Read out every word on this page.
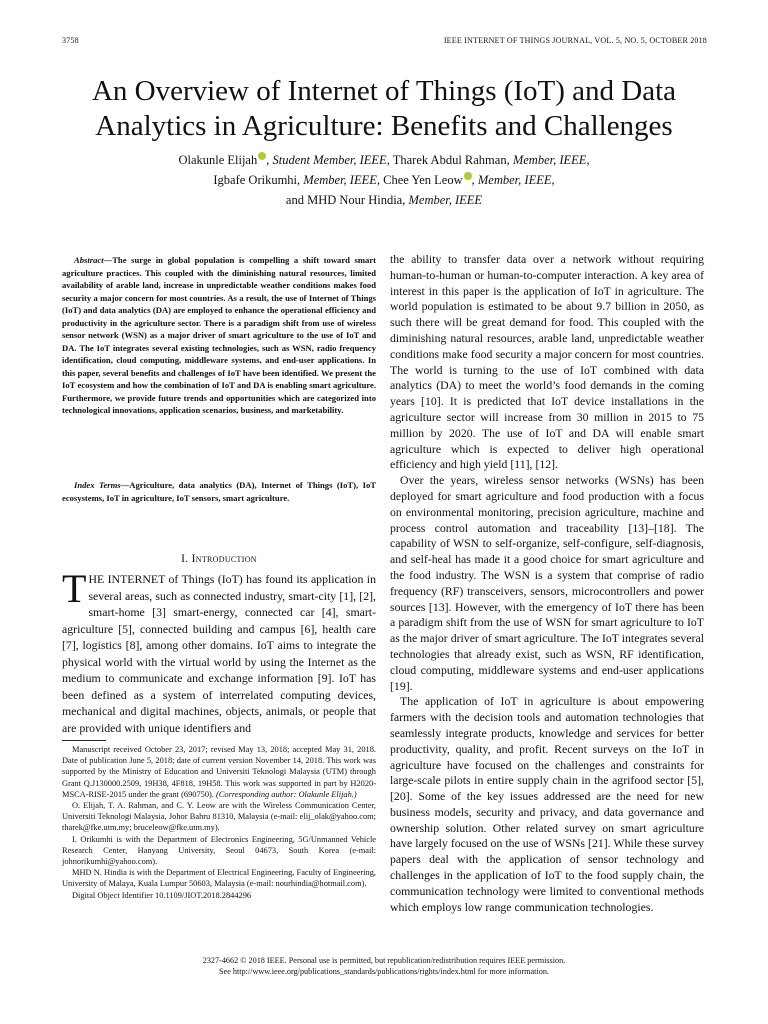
3758	IEEE INTERNET OF THINGS JOURNAL, VOL. 5, NO. 5, OCTOBER 2018
An Overview of Internet of Things (IoT) and Data
Analytics in Agriculture: Benefits and Challenges
Olakunle Elijah , Student Member, IEEE, Tharek Abdul Rahman, Member, IEEE,
Igbafe Orikumhi, Member, IEEE, Chee Yen Leow , Member, IEEE,
and MHD Nour Hindia, Member, IEEE
Abstract—The surge in global population is compelling a shift toward smart agriculture practices. This coupled with the diminishing natural resources, limited availability of arable land, increase in unpredictable weather conditions makes food security a major concern for most countries. As a result, the use of Internet of Things (IoT) and data analytics (DA) are employed to enhance the operational efficiency and productivity in the agriculture sector. There is a paradigm shift from use of wireless sensor network (WSN) as a major driver of smart agriculture to the use of IoT and DA. The IoT integrates several existing technologies, such as WSN, radio frequency identification, cloud computing, middleware systems, and end-user applications. In this paper, several benefits and challenges of IoT have been identified. We present the IoT ecosystem and how the combination of IoT and DA is enabling smart agriculture. Furthermore, we provide future trends and opportunities which are categorized into technological innovations, application scenarios, business, and marketability.
Index Terms—Agriculture, data analytics (DA), Internet of Things (IoT), IoT ecosystems, IoT in agriculture, IoT sensors, smart agriculture.
I. Introduction
THE INTERNET of Things (IoT) has found its application in several areas, such as connected industry, smart-city [1], [2], smart-home [3] smart-energy, connected car [4], smart-agriculture [5], connected building and campus [6], health care [7], logistics [8], among other domains. IoT aims to integrate the physical world with the virtual world by using the Internet as the medium to communicate and exchange information [9]. IoT has been defined as a system of interrelated computing devices, mechanical and digital machines, objects, animals, or people that are provided with unique identifiers and

Manuscript received October 23, 2017; revised May 13, 2018; accepted May 31, 2018. Date of publication June 5, 2018; date of current version November 14, 2018. This work was supported by the Ministry of Education and Universiti Teknologi Malaysia (UTM) through Grant Q.J130000.2509, 19H38, 4F818, 19H58. This work was supported in part by H2020-MSCA-RISE-2015 under the grant (690750). (Corresponding author: Olakunle Elijah.)

O. Elijah, T. A. Rahman, and C. Y. Leow are with the Wireless Communication Center, Universiti Teknologi Malaysia, Johor Bahru 81310, Malaysia (e-mail: elij_olak@yahoo.com; tharek@fke.utm.my; bruceleow@fke.utm.my).

I. Orikumhi is with the Department of Electronics Engineering, 5G/Unmanned Vehicle Research Center, Hanyang University, Seoul 04673, South Korea (e-mail: johnorikumhi@yahoo.com).

MHD N. Hindia is with the Department of Electrical Engineering, Faculty of Engineering, University of Malaya, Kuala Lumpur 50603, Malaysia (e-mail: nourhindia@hotmail.com).

Digital Object Identifier 10.1109/JIOT.2018.2844296

the ability to transfer data over a network without requiring human-to-human or human-to-computer interaction. A key area of interest in this paper is the application of IoT in agriculture. The world population is estimated to be about 9.7 billion in 2050, as such there will be great demand for food. This coupled with the diminishing natural resources, arable land, unpredictable weather conditions make food security a major concern for most countries. The world is turning to the use of IoT combined with data analytics (DA) to meet the world’s food demands in the coming years [10]. It is predicted that IoT device installations in the agriculture sector will increase from 30 million in 2015 to 75 million by 2020. The use of IoT and DA will enable smart agriculture which is expected to deliver high operational efficiency and high yield [11], [12].

Over the years, wireless sensor networks (WSNs) has been deployed for smart agriculture and food production with a focus on environmental monitoring, precision agriculture, machine and process control automation and traceability [13]–[18]. The capability of WSN to self-organize, self-configure, self-diagnosis, and self-heal has made it a good choice for smart agriculture and the food industry. The WSN is a system that comprise of radio frequency (RF) transceivers, sensors, microcontrollers and power sources [13]. However, with the emergency of IoT there has been a paradigm shift from the use of WSN for smart agriculture to IoT as the major driver of smart agriculture. The IoT integrates several technologies that already exist, such as WSN, RF identification, cloud computing, middleware systems and end-user applications [19].

The application of IoT in agriculture is about empowering farmers with the decision tools and automation technologies that seamlessly integrate products, knowledge and services for better productivity, quality, and profit. Recent surveys on the IoT in agriculture have focused on the challenges and constraints for large-scale pilots in entire supply chain in the agrifood sector [5], [20]. Some of the key issues addressed are the need for new business models, security and privacy, and data governance and ownership solution. Other related survey on smart agriculture have largely focused on the use of WSNs [21]. While these survey papers deal with the application of sensor technology and challenges in the application of IoT to the food supply chain, the communication technology were limited to conventional methods which employs low range communication technologies.

2327-4662 © 2018 IEEE. Personal use is permitted, but republication/redistribution requires IEEE permission.
See http://www.ieee.org/publications_standards/publications/rights/index.html for more information.
